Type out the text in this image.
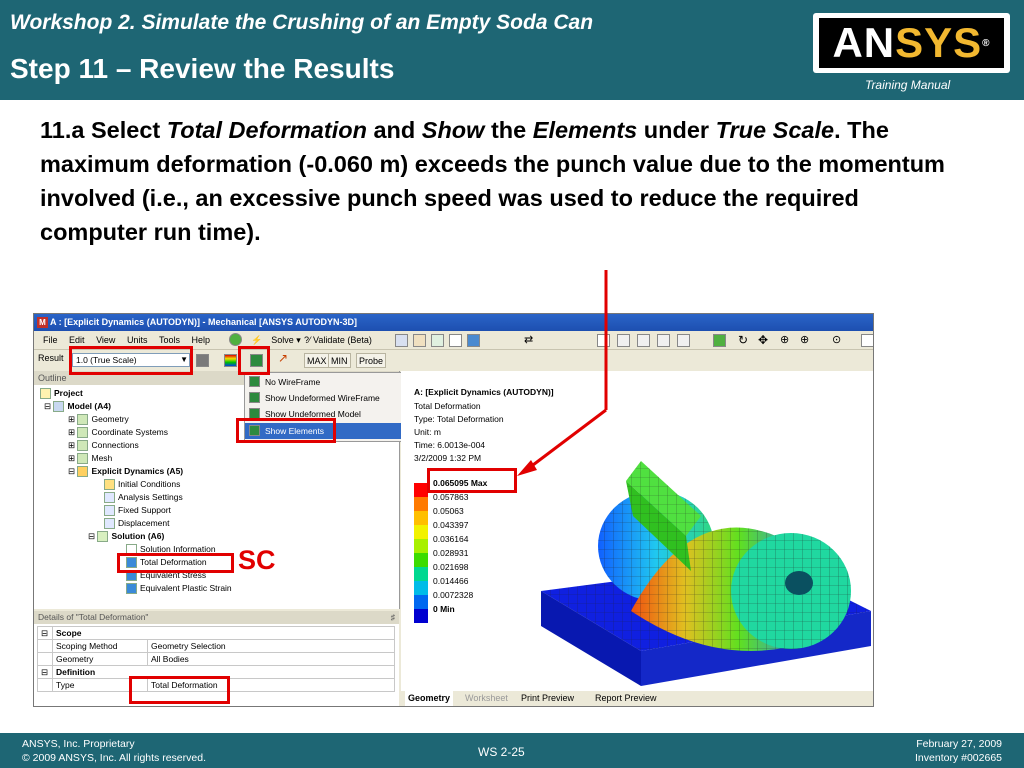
Workshop 2. Simulate the Crushing of an Empty Soda Can
Step 11 – Review the Results
AN SYS ®
Training Manual
11.a Select Total Deformation and Show the Elements under True Scale. The maximum deformation (-0.060 m) exceeds the punch value due to the momentum involved (i.e., an excessive punch speed was used to reduce the required computer run time).
M A : [Explicit Dynamics (AUTODYN)] - Mechanical [ANSYS AUTODYN-3D]
File Edit View Units Tools Help	⚡ Solve ▾ ?⁄ Validate (Beta)	⇄	↻ ✥ ⊕ ⊕ ⊙
Result	1.0 (True Scale)	▼	↗	MAX MIN	Probe
Outline
Project
⊟ Model (A4)
⊞ Geometry
⊞ Coordinate Systems
⊞ Connections
⊞ Mesh
⊟ Explicit Dynamics (A5)
Initial Conditions
Analysis Settings
Fixed Support
Displacement
⊟ Solution (A6)
Solution Information
Total Deformation
Equivalent Stress
Equivalent Plastic Strain
No WireFrame
Show Undeformed WireFrame
Show Undeformed Model
Show Elements
Details of "Total Deformation"	♯
⊟	Scope	
	Scoping Method	Geometry Selection
	Geometry	All Bodies
⊟	Definition	
	Type	Total Deformation
A: [Explicit Dynamics (AUTODYN)]
Total Deformation
Type: Total Deformation
Unit: m
Time: 6.0013e-004
3/2/2009 1:32 PM
0.065095 Max
0.057863
0.05063
0.043397
0.036164
0.028931
0.021698
0.014466
0.0072328
0 Min
Geometry	Worksheet Print Preview Report Preview
SC
ANSYS, Inc. Proprietary
© 2009 ANSYS, Inc. All rights reserved.	WS 2-25
February 27, 2009
Inventory #002665
